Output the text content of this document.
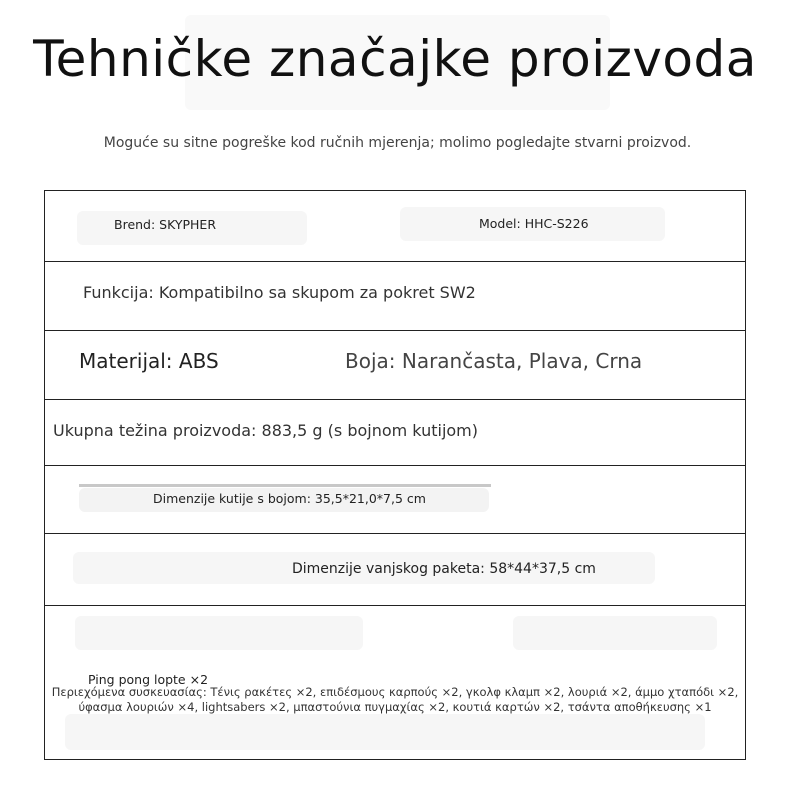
Tehničke značajke proizvoda
Moguće su sitne pogreške kod ručnih mjerenja; molimo pogledajte stvarni proizvod.
Brend: SKYPHER	Model: HHC-S226
Funkcija: Kompatibilno sa skupom za pokret SW2
Materijal: ABS	Boja: Narančasta, Plava, Crna
Ukupna težina proizvoda: 883,5 g (s bojnom kutijom)
Dimenzije kutije s bojom: 35,5*21,0*7,5 cm
Dimenzije vanjskog paketa: 58*44*37,5 cm
Ping pong lopte ×2
Περιεχόμενα συσκευασίας: Τένις ρακέτες ×2, επιδέσμους καρπούς ×2, γκολφ κλαμπ ×2, λουριά ×2, άμμο χταπόδι ×2,
ύφασμα λουριών ×4, lightsabers ×2, μπαστούνια πυγμαχίας ×2, κουτιά καρτών ×2, τσάντα αποθήκευσης ×1
